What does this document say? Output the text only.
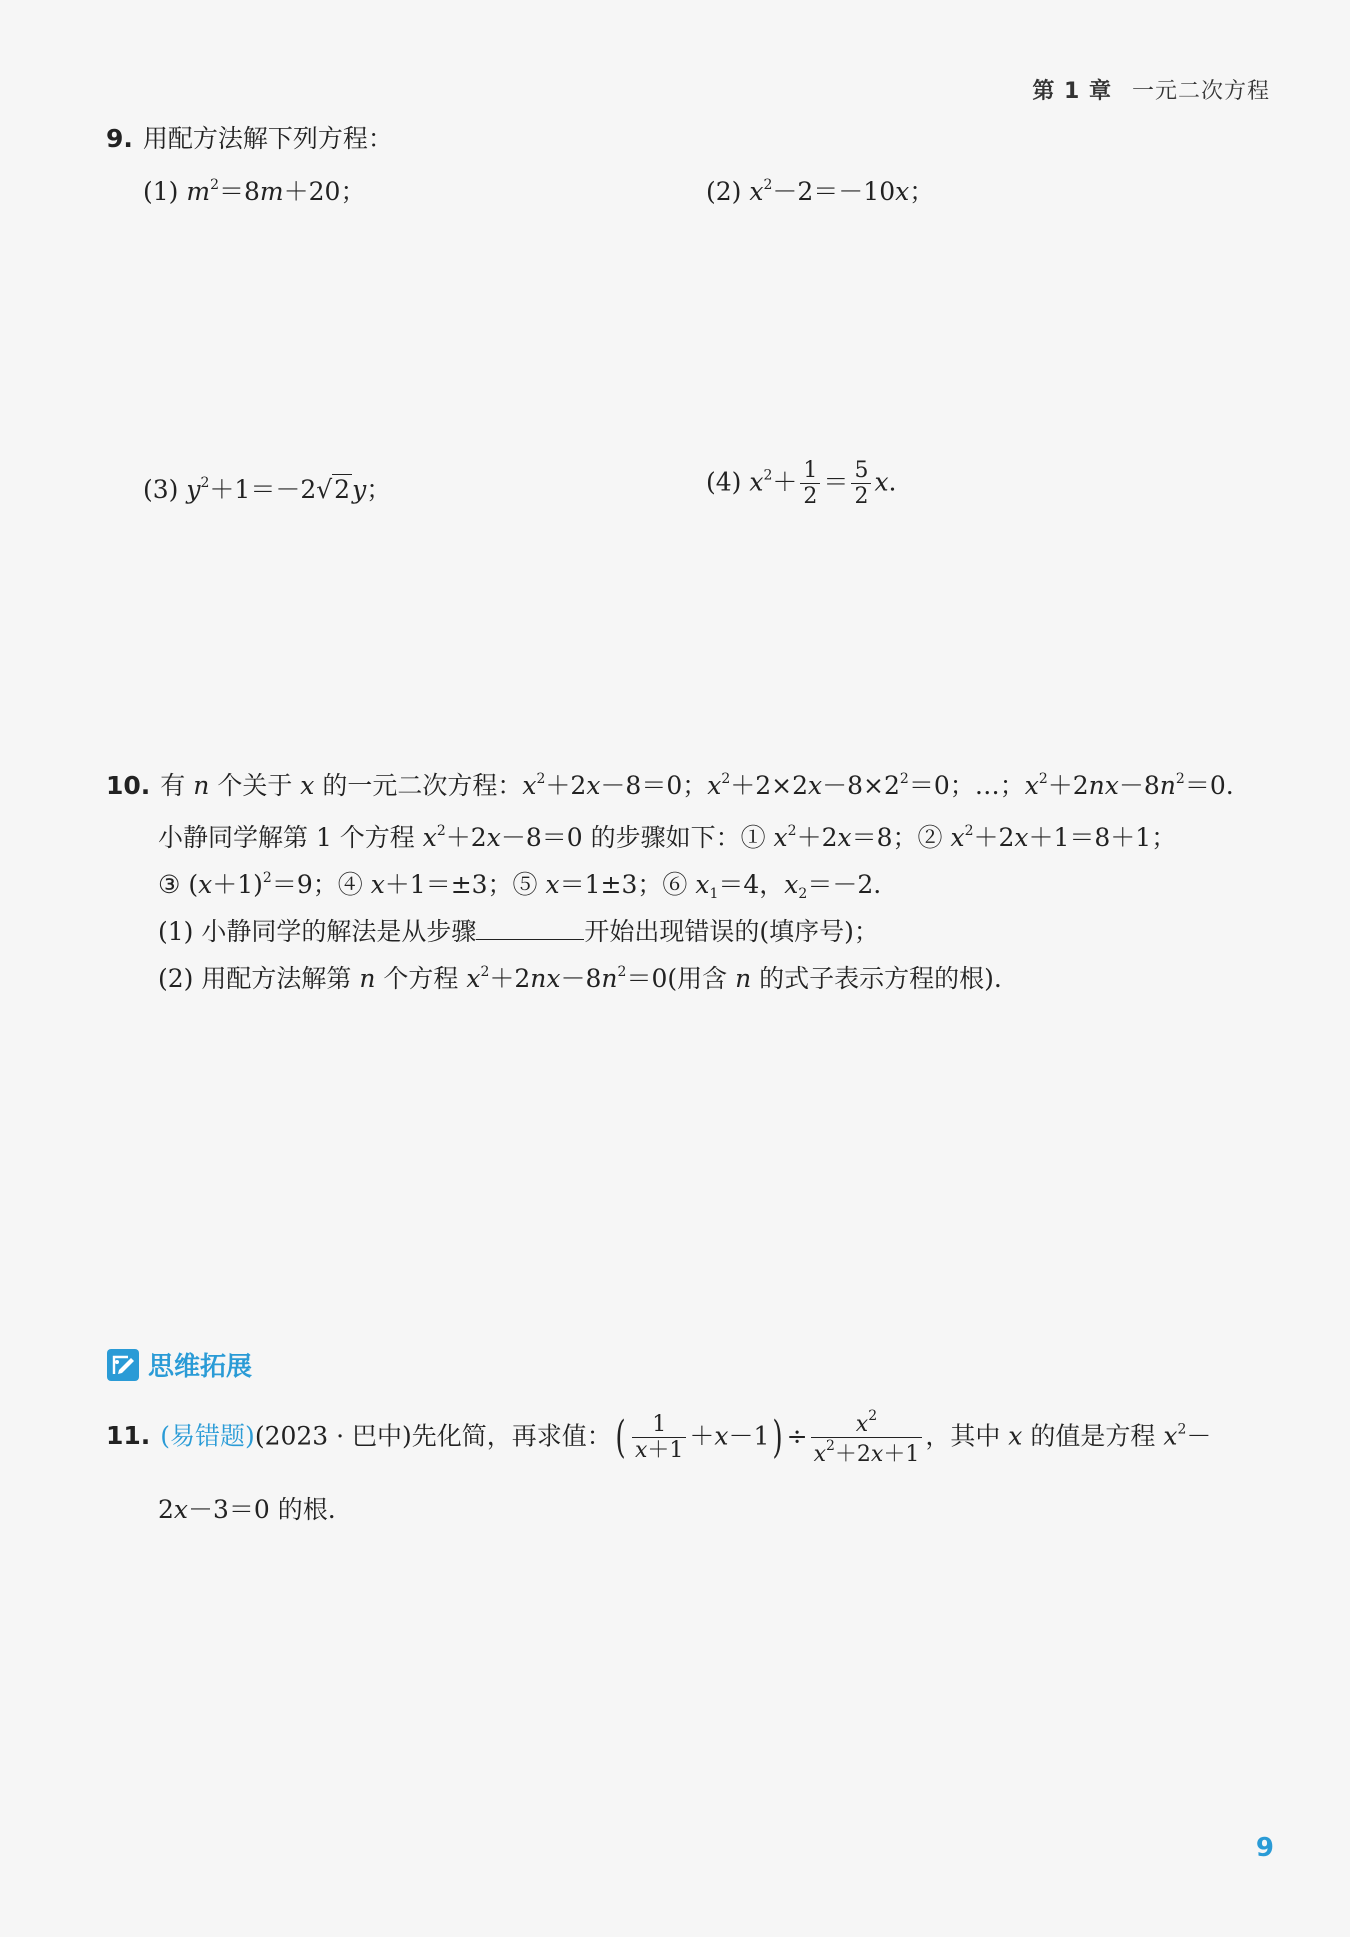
第 1 章 一元二次方程
9. 用配方法解下列方程：
(1) $m^2=8m+20$；	(2) $x^2-2=-10x$；
(3) $y^2+1=-2√2y$；	(4) $x^2+ \frac{1}{2} = \frac{5}{2} x$.
10. 有 n 个关于 x 的一元二次方程：$x^2+2x-8=0$；$x^2+2\times 2x-8\times 2^2=0$；…；$x^2+2nx-8n^2=0$.
小静同学解第 1 个方程 $x^2+2x-8=0$ 的步骤如下：① $x^2+2x=8$；② $x^2+2x+1=8+1$；
③ $(x+1)^2=9$；④ x＋1＝±3；⑤ x＝1±3；⑥ $x_1=4$，$x_2=-2$.
(1) 小静同学的解法是从步骤	开始出现错误的(填序号)；
(2) 用配方法解第 n 个方程 $x^2+2nx-8n^2=0$(用含 n 的式子表示方程的根).
思维拓展
11. (易错题)(2023 · 巴中)先化简，再求值：( $\frac{1}{x+1} +x-1) \div \frac{x^2}{x^2+2x+1}$ ，其中 x 的值是方程 $x^2-$
2x－3＝0 的根.
9
